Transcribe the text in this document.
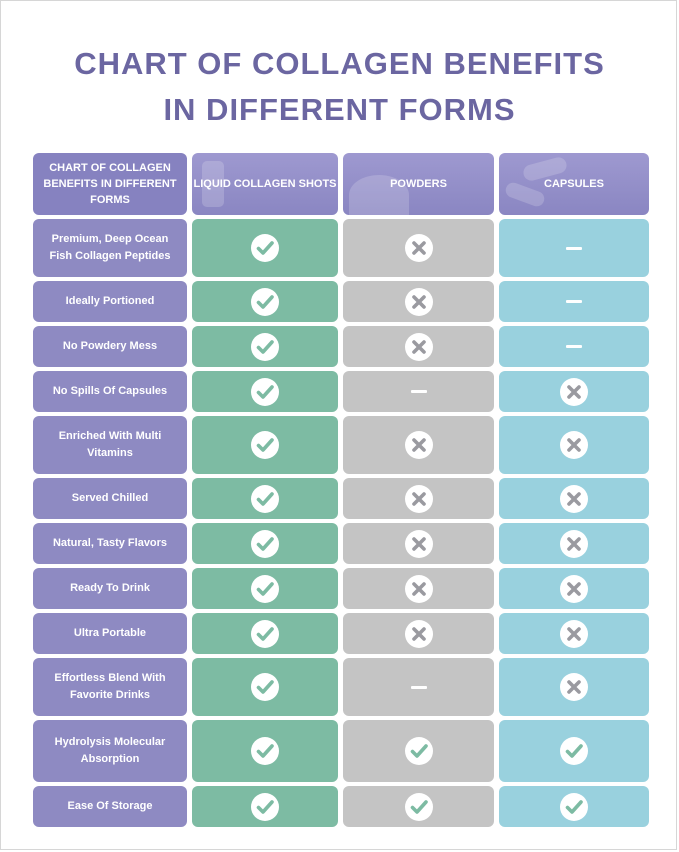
CHART OF COLLAGEN BENEFITS
IN DIFFERENT FORMS
CHART OF COLLAGEN BENEFITS IN DIFFERENT FORMS
LIQUID COLLAGEN SHOTS	POWDERS	CAPSULES
Premium, Deep Ocean Fish Collagen Peptides
Ideally Portioned
No Powdery Mess
No Spills Of Capsules
Enriched With Multi Vitamins
Served Chilled
Natural, Tasty Flavors
Ready To Drink
Ultra Portable
Effortless Blend With Favorite Drinks
Hydrolysis Molecular Absorption
Ease Of Storage
